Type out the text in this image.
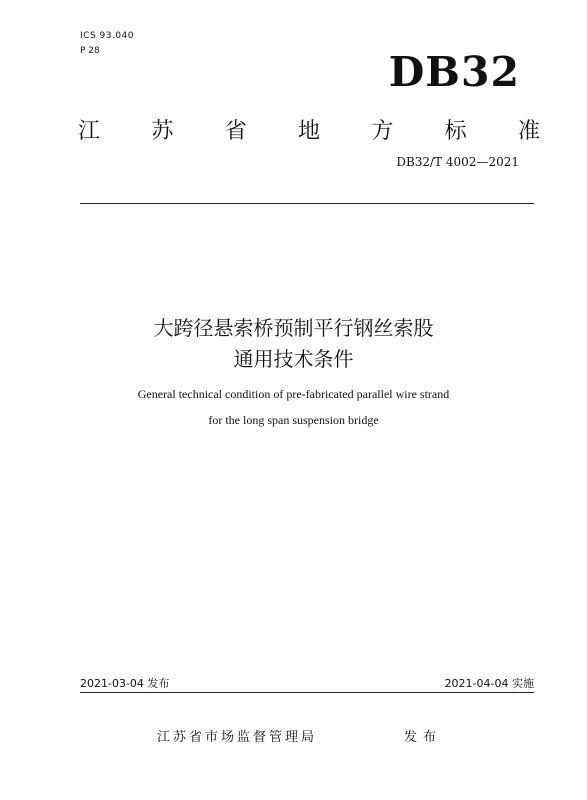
ICS 93.040
P 28	DB32
江 苏 省 地 方 标 准
DB32/T 4002—2021
大跨径悬索桥预制平行钢丝索股
通用技术条件
General technical condition of pre-fabricated parallel wire strand
for the long span suspension bridge
2021-03-04 发布	2021-04-04 实施
江苏省市场监督管理局	发布
